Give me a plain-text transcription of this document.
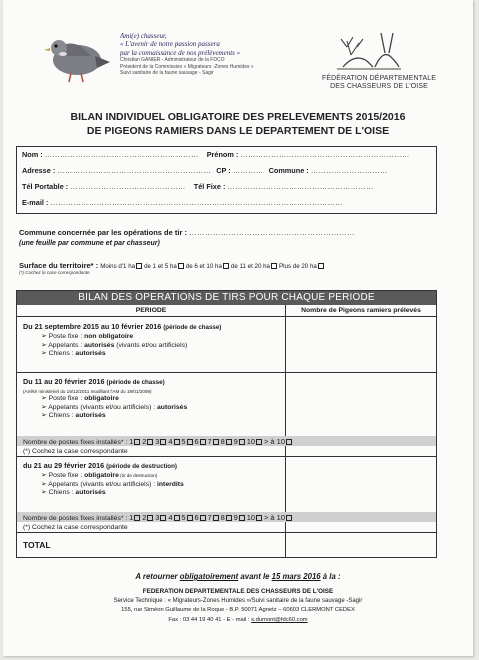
Ami(e) chasseur,
« L'avenir de notre passion passera
par la connaissance de nos prélèvements »
Christian GANIER - Administrateur de la FDCO
Président de la Commission « Migrateurs -Zones Humides »
Suivi sanitaire de la faune sauvage - Sagir
FÉDÉRATION DÉPARTEMENTALE
DES CHASSEURS DE L'OISE
BILAN INDIVIDUEL OBLIGATOIRE DES PRELEVEMENTS 2015/2016
DE PIGEONS RAMIERS DANS LE DEPARTEMENT DE L'OISE
Nom : …………………………………………………… Prénom : …………………………………………………………
Adresse : …………………………………………………… CP : ………… Commune : …………………………
Tél Portable : ……………………………………… Tél Fixe : …………………………………………………
E-mail : ……………………………………………………………………………………………………
Commune concernée par les opérations de tir : ………………………………………………………
(une feuille par commune et par chasseur)
Surface du territoire* : Moins d'1 ha de 1 et 5 ha de 6 et 10 ha de 11 et 20 ha Plus de 20 ha
(*) Cochez la case correspondante
BILAN DES OPERATIONS DE TIRS POUR CHAQUE PERIODE
PERIODE	Nombre de Pigeons ramiers prélevés
Du 21 septembre 2015 au 10 février 2016 (période de chasse)
➢ Poste fixe : non obligatoire
➢ Appelants : autorisés (vivants et/ou artificiels)
➢ Chiens : autorisés
Du 11 au 20 février 2016 (période de chasse)
(Arrêté ministériel du 19/12/2011 modifiant l'AM du 19/01/2009)
➢ Poste fixe : obligatoire
➢ Appelants (vivants et/ou artificiels) : autorisés
➢ Chiens : autorisés
Nombre de postes fixes installés* : 1 2 3 4 5 6 7 8 9 10 > à 10
(*) Cochez la case correspondante
du 21 au 29 février 2016 (période de destruction)
➢ Poste fixe : obligatoire (tir de destruction)
➢ Appelants (vivants et/ou artificiels) : interdits
➢ Chiens : autorisés
Nombre de postes fixes installés* : 1 2 3 4 5 6 7 8 9 10 > à 10
(*) Cochez la case correspondante
TOTAL
A retourner obligatoirement avant le 15 mars 2016 à la :
FEDERATION DEPARTEMENTALE DES CHASSEURS DE L'OISE
Service Technique : « Migrateurs-Zones Humides »/Suivi sanitaire de la faune sauvage -Sagir
155, rue Siméon Guillaume de la Roque - B.P. 50071 Agnetz – 60603 CLERMONT CEDEX
Fax : 03 44 19 40 41 - E - mail : s.dumont@fdc60.com
